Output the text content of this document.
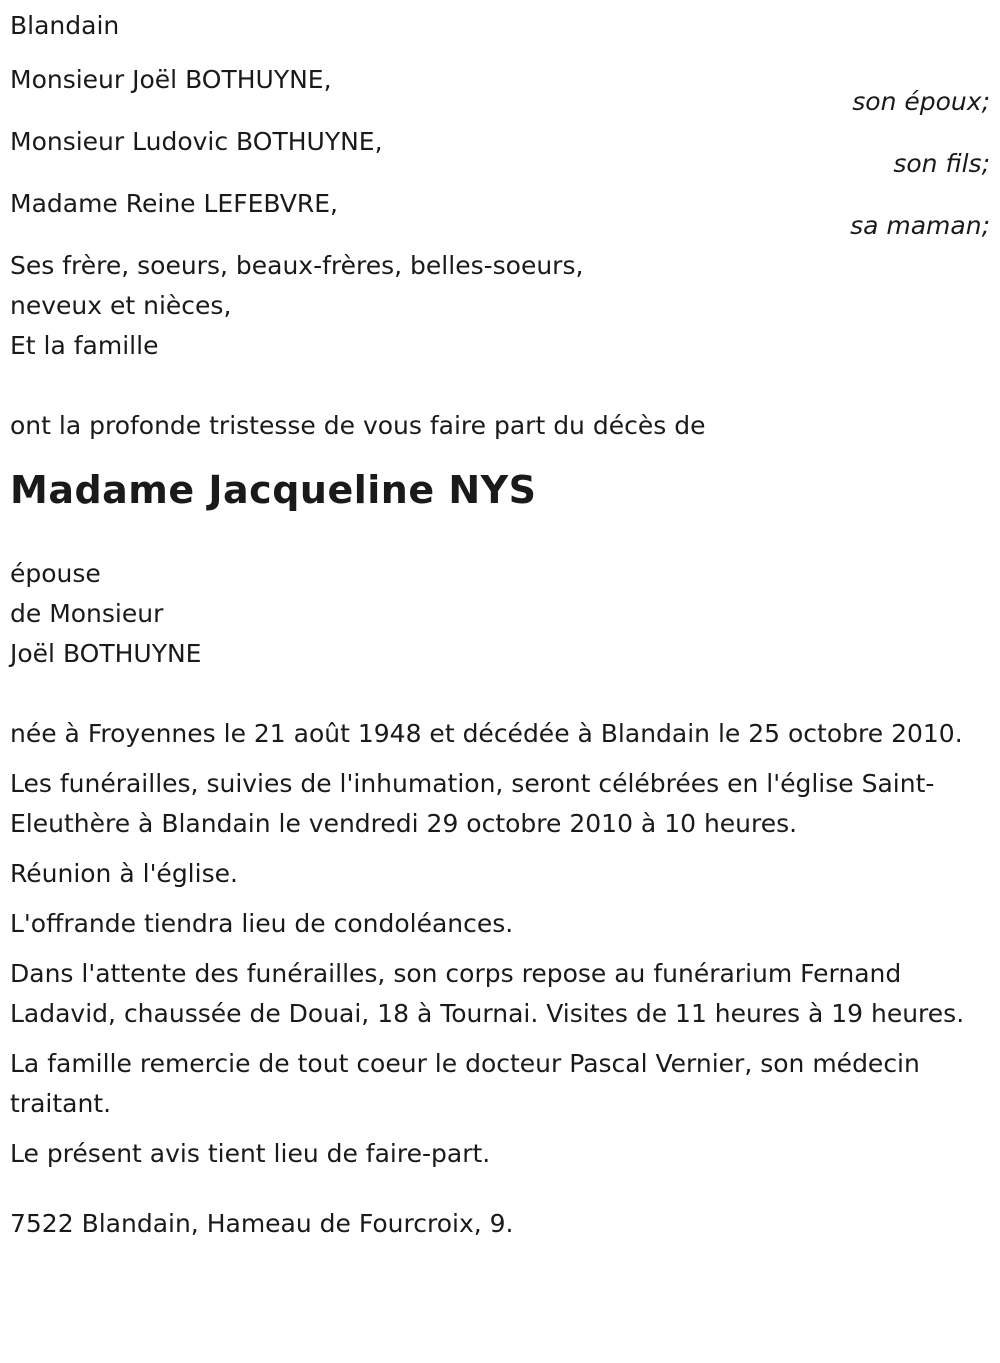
Blandain
Monsieur Joël BOTHUYNE,
son époux;
Monsieur Ludovic BOTHUYNE,
son fils;
Madame Reine LEFEBVRE,
sa maman;
Ses frère, soeurs, beaux-frères, belles-soeurs,
neveux et nièces,
Et la famille
ont la profonde tristesse de vous faire part du décès de
Madame Jacqueline NYS
épouse
de Monsieur
Joël BOTHUYNE
née à Froyennes le 21 août 1948 et décédée à Blandain le 25 octobre 2010.
Les funérailles, suivies de l'inhumation, seront célébrées en l'église Saint-Eleuthère à Blandain le vendredi 29 octobre 2010 à 10 heures.
Réunion à l'église.
L'offrande tiendra lieu de condoléances.
Dans l'attente des funérailles, son corps repose au funérarium Fernand Ladavid, chaussée de Douai, 18 à Tournai. Visites de 11 heures à 19 heures.
La famille remercie de tout coeur le docteur Pascal Vernier, son médecin traitant.
Le présent avis tient lieu de faire-part.
7522 Blandain, Hameau de Fourcroix, 9.
